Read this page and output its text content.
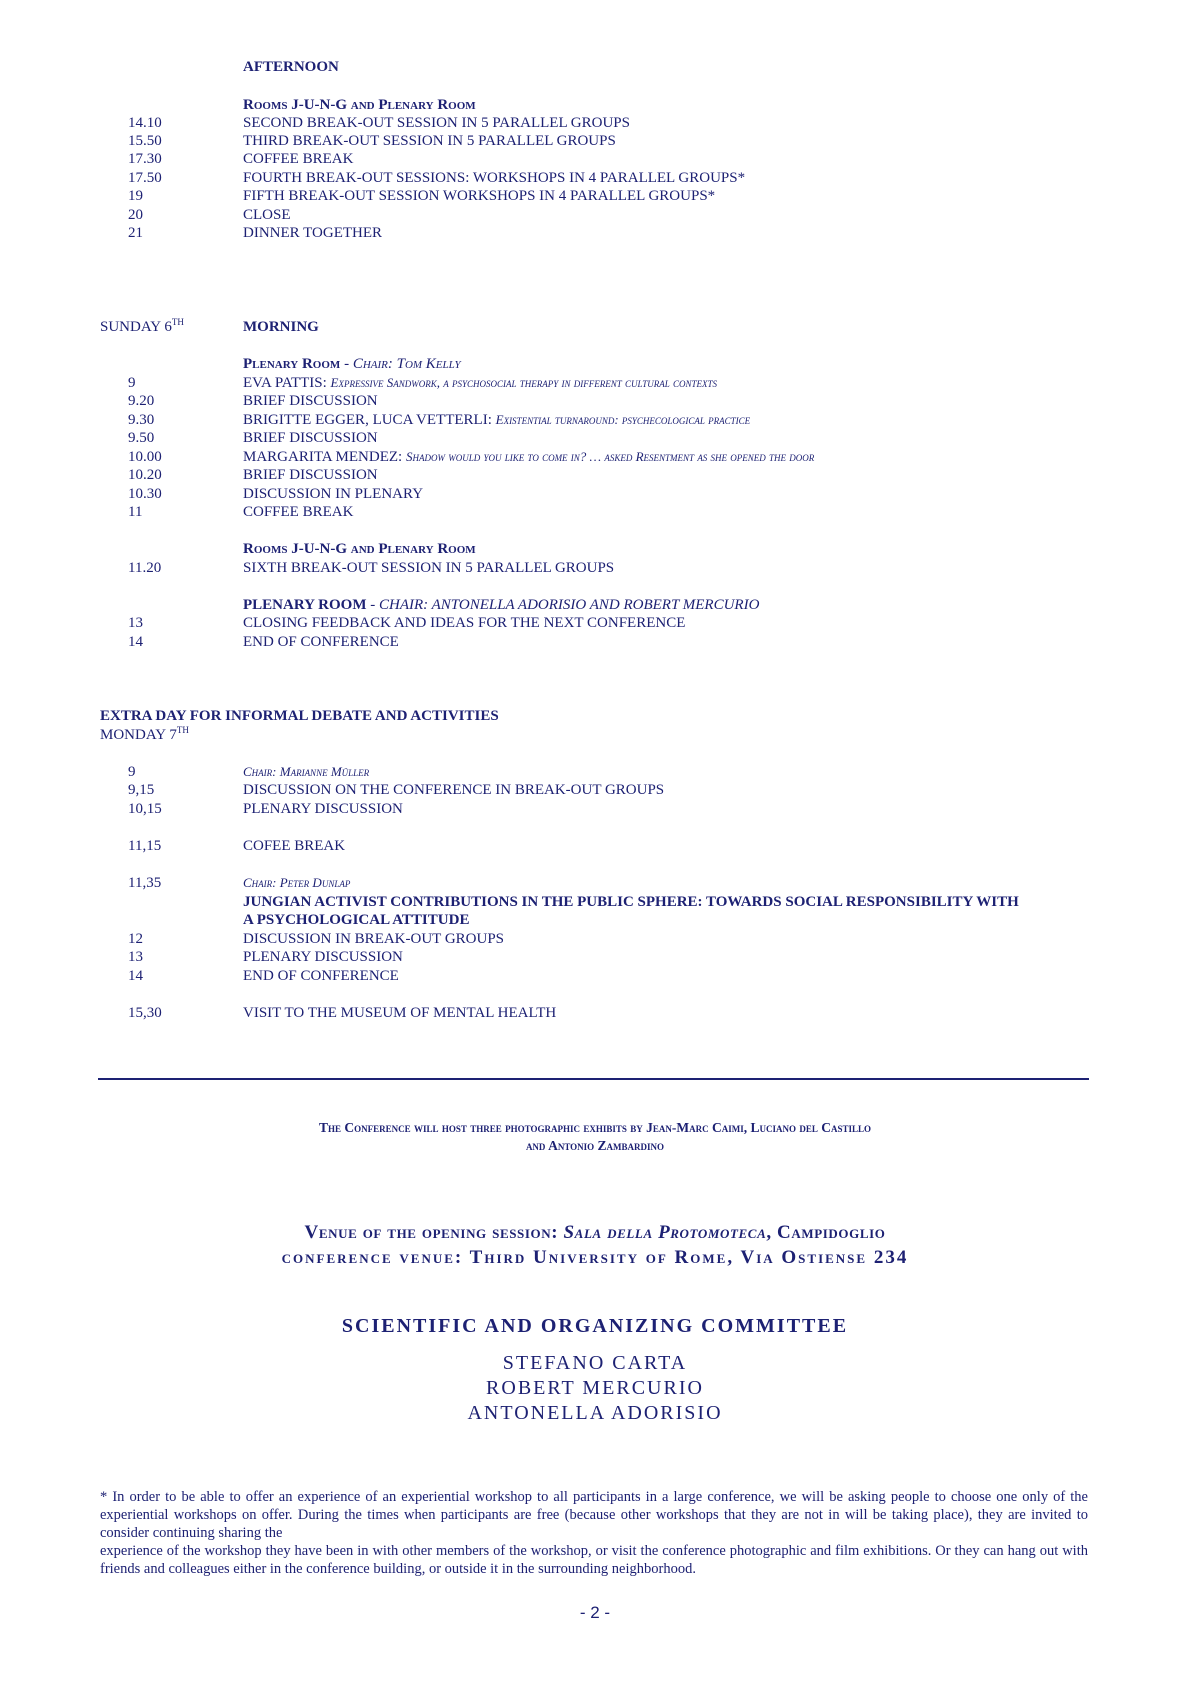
AFTERNOON
Rooms J-U-N-G and Plenary Room
14.10	SECOND BREAK-OUT SESSION IN 5 PARALLEL GROUPS
15.50	THIRD BREAK-OUT SESSION IN 5 PARALLEL GROUPS
17.30	COFFEE BREAK
17.50	FOURTH BREAK-OUT SESSIONS: WORKSHOPS IN 4 PARALLEL GROUPS*
19	FIFTH BREAK-OUT SESSION WORKSHOPS IN 4 PARALLEL GROUPS*
20	CLOSE
21	DINNER TOGETHER
SUNDAY 6TH	MORNING
Plenary Room - Chair: Tom Kelly
9	EVA PATTIS: Expressive Sandwork, a psychosocial therapy in different cultural contexts
9.20	BRIEF DISCUSSION
9.30	BRIGITTE EGGER, LUCA VETTERLI: Existential turnaround: psychecological practice
9.50	BRIEF DISCUSSION
10.00	MARGARITA MENDEZ: Shadow would you like to come in? … asked Resentment as she opened the door
10.20	BRIEF DISCUSSION
10.30	DISCUSSION IN PLENARY
11	COFFEE BREAK
Rooms J-U-N-G and Plenary Room
11.20	SIXTH BREAK-OUT SESSION IN 5 PARALLEL GROUPS
PLENARY ROOM - CHAIR: ANTONELLA ADORISIO AND ROBERT MERCURIO
13	CLOSING FEEDBACK AND IDEAS FOR THE NEXT CONFERENCE
14	END OF CONFERENCE
EXTRA DAY FOR INFORMAL DEBATE AND ACTIVITIES
MONDAY 7TH
9	Chair: Marianne Müller
9,15	DISCUSSION ON THE CONFERENCE IN BREAK-OUT GROUPS
10,15	PLENARY DISCUSSION
11,15	COFEE BREAK
11,35	Chair: Peter Dunlap
JUNGIAN ACTIVIST CONTRIBUTIONS IN THE PUBLIC SPHERE: TOWARDS SOCIAL RESPONSIBILITY WITH
A PSYCHOLOGICAL ATTITUDE
12	DISCUSSION IN BREAK-OUT GROUPS
13	PLENARY DISCUSSION
14	END OF CONFERENCE
15,30	VISIT TO THE MUSEUM OF MENTAL HEALTH
The Conference will host three photographic exhibits by Jean-Marc Caimi, Luciano del Castillo
and Antonio Zambardino
Venue of the opening session: Sala della Protomoteca, Campidoglio
conference venue: Third University of Rome, Via Ostiense 234
SCIENTIFIC AND ORGANIZING COMMITTEE
STEFANO CARTA
ROBERT MERCURIO
ANTONELLA ADORISIO
* In order to be able to offer an experience of an experiential workshop to all participants in a large conference, we will be asking people to choose one only of the experiential workshops on offer. During the times when participants are free (because other workshops that they are not in will be taking place), they are invited to consider continuing sharing the
experience of the workshop they have been in with other members of the workshop, or visit the conference photographic and film exhibitions. Or they can hang out with friends and colleagues either in the conference building, or outside it in the surrounding neighborhood.
- 2 -
